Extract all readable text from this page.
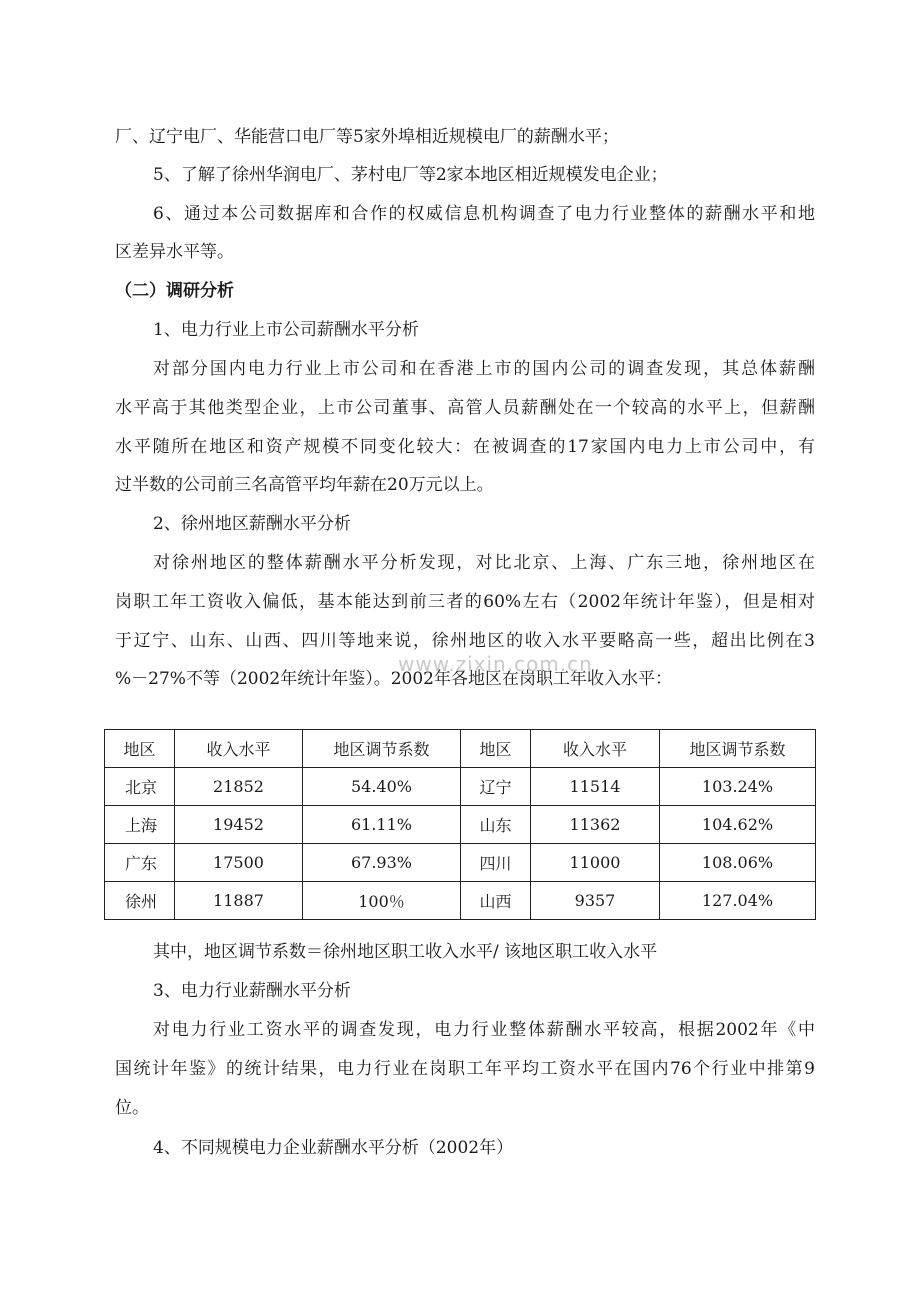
厂、辽宁电厂、华能营口电厂等5家外埠相近规模电厂的薪酬水平；
5、了解了徐州华润电厂、茅村电厂等2家本地区相近规模发电企业；
6、通过本公司数据库和合作的权威信息机构调查了电力行业整体的薪酬水平和地
区差异水平等。
（二）调研分析
1、电力行业上市公司薪酬水平分析
对部分国内电力行业上市公司和在香港上市的国内公司的调查发现，其总体薪酬
水平高于其他类型企业，上市公司董事、高管人员薪酬处在一个较高的水平上，但薪酬
水平随所在地区和资产规模不同变化较大：在被调查的17家国内电力上市公司中，有
过半数的公司前三名高管平均年薪在20万元以上。
2、徐州地区薪酬水平分析
对徐州地区的整体薪酬水平分析发现，对比北京、上海、广东三地，徐州地区在
岗职工年工资收入偏低，基本能达到前三者的60%左右（2002年统计年鉴），但是相对
于辽宁、山东、山西、四川等地来说，徐州地区的收入水平要略高一些，超出比例在3
%－27%不等（2002年统计年鉴）。2002年各地区在岗职工年收入水平：
www.zixin.com.cn
地区	收入水平	地区调节系数	地区	收入水平	地区调节系数
北京	21852	54.40%	辽宁	11514	103.24%
上海	19452	61.11%	山东	11362	104.62%
广东	17500	67.93%	四川	11000	108.06%
徐州	11887	100％	山西	9357	127.04%
其中，地区调节系数＝徐州地区职工收入水平/ 该地区职工收入水平
3、电力行业薪酬水平分析
对电力行业工资水平的调查发现，电力行业整体薪酬水平较高，根据2002年《中
国统计年鉴》的统计结果，电力行业在岗职工年平均工资水平在国内76个行业中排第9
位。
4、不同规模电力企业薪酬水平分析（2002年）
